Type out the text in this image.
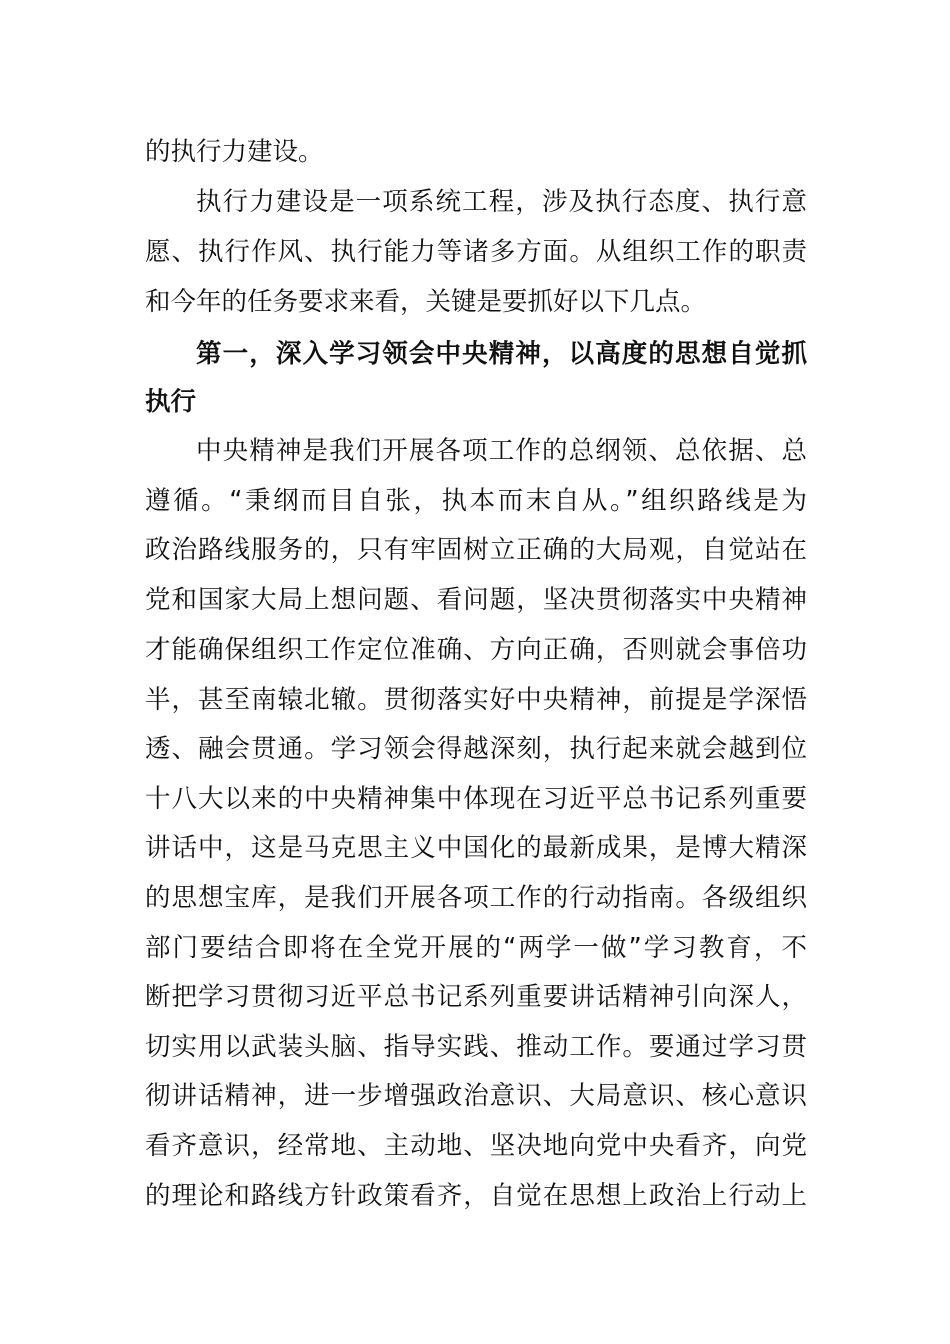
的执行力建设。
执行力建设是一项系统工程，涉及执行态度、执行意
愿、执行作风、执行能力等诸多方面。从组织工作的职责
和今年的任务要求来看，关键是要抓好以下几点。
第一，深入学习领会中央精神，以高度的思想自觉抓
执行
中央精神是我们开展各项工作的总纲领、总依据、总
遵循。“秉纲而目自张，执本而末自从。”组织路线是为
政治路线服务的，只有牢固树立正确的大局观，自觉站在
党和国家大局上想问题、看问题，坚决贯彻落实中央精神
才能确保组织工作定位准确、方向正确，否则就会事倍功
半，甚至南辕北辙。贯彻落实好中央精神，前提是学深悟
透、融会贯通。学习领会得越深刻，执行起来就会越到位
十八大以来的中央精神集中体现在习近平总书记系列重要
讲话中，这是马克思主义中国化的最新成果，是博大精深
的思想宝库，是我们开展各项工作的行动指南。各级组织
部门要结合即将在全党开展的“两学一做”学习教育，不
断把学习贯彻习近平总书记系列重要讲话精神引向深人，
切实用以武装头脑、指导实践、推动工作。要通过学习贯
彻讲话精神，进一步增强政治意识、大局意识、核心意识
看齐意识，经常地、主动地、坚决地向党中央看齐，向党
的理论和路线方针政策看齐，自觉在思想上政治上行动上
